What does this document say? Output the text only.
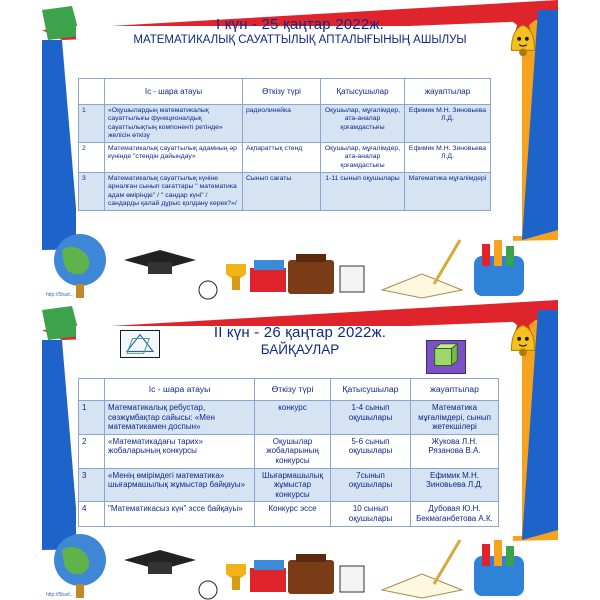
І күн - 25 қаңтар 2022ж.
МАТЕМАТИКАЛЫҚ САУАТТЫЛЫҚ АПТАЛЫҒЫНЫҢ АШЫЛУЫ
	Іс - шара атауы	Өткізу түрі	Қатысушылар	жауаптылар
1	«Оқушылардың математикалық сауаттылығы функционалдық сауаттылықтың компоненті ретінде» желісін өткізу	радиолинейка	Оқушылар, мұғалімдер, ата-аналар қоғамдастығы	Ефимик М.Н. Зиновьева Л.Д.
2	Математикалық сауаттылық адамның әр күнінде "стендін дайындау»	Ақпараттық стенд	Оқушылар, мұғалімдер, ата-аналар қоғамдастығы	Ефимик М.Н. Зиновьева Л.Д.
3	Математикалық сауаттылық күніне арналған сынып сағаттары " математика адам өмірінде" / " сандар күні" / сандарды қалай дұрыс қолдану керек?»/	Сынып сағаты	1-11 сынып оқушылары	Математика мұғалімдері
http://5bad...
ІІ күн - 26 қаңтар 2022ж.
БАЙҚАУЛАР
	Іс - шара атауы	Өткізу түрі	Қатысушылар	жауаптылар
1	Математикалық ребустар, сөзжұмбақтар сайысы: «Мен математикамен доспын»	конкурс	1-4 сынып оқушылары	Математика мұғалімдері, сынып жетекшілері
2	«Математикадағы тарих» жобаларының конкурсы	Оқушылар жобаларының конкурсы	5-6 сынып оқушылары	Жукова Л.Н. Рязанова В.А.
3	«Менің өмірімдегі математика» шығармашылық жұмыстар байқауы»	Шығармашылық жұмыстар конкурсы	7сынып оқушылары	Ефимик М.Н. Зиновьева Л.Д.
4	"Математикасыз күн" эссе байқауы»	Конкурс эссе	10 сынып оқушылары	Дубовая Ю.Н. Бекмаганбетова А.К.
http://5bad...
